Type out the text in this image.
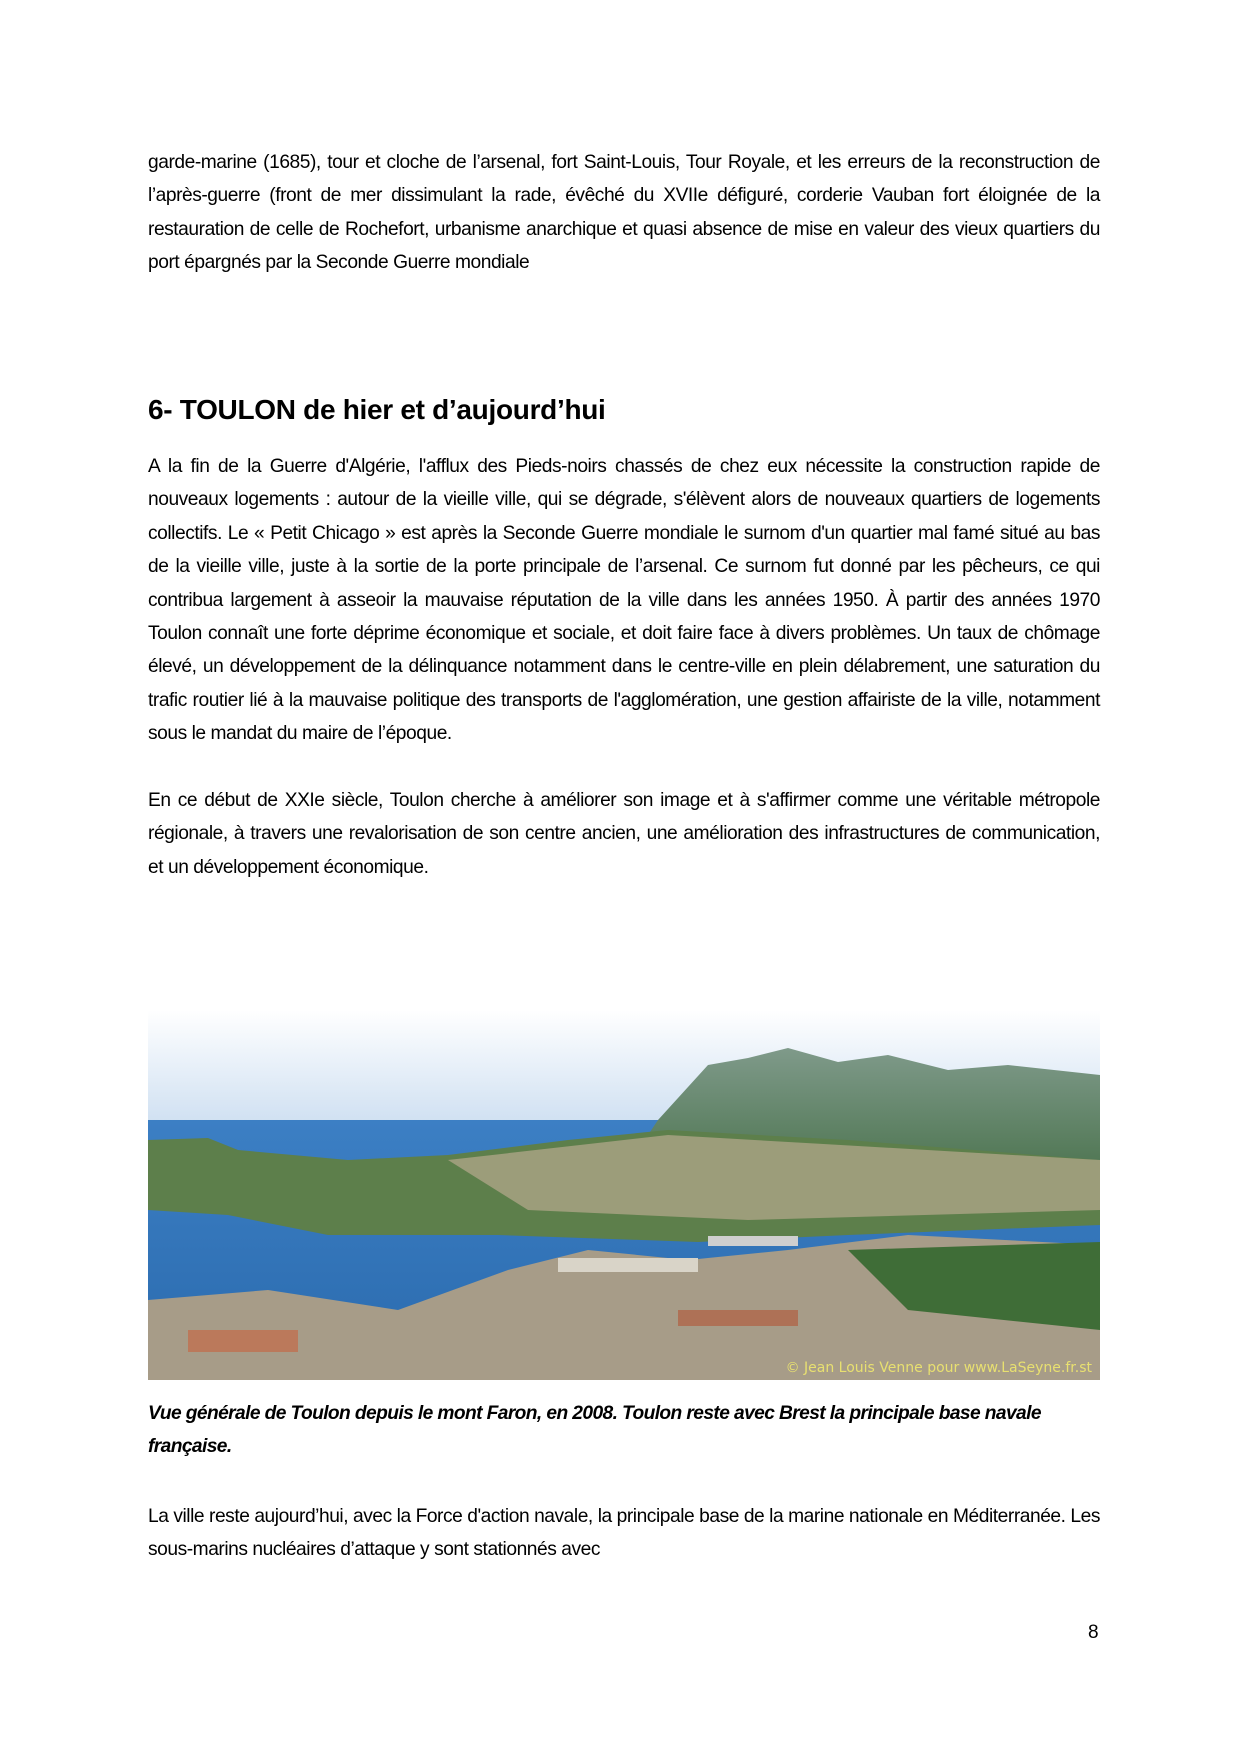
garde-marine (1685), tour et cloche de l’arsenal, fort Saint-Louis, Tour Royale, et les erreurs de la reconstruction de l’après-guerre (front de mer dissimulant la rade, évêché du XVIIe défiguré, corderie Vauban fort éloignée de la restauration de celle de Rochefort, urbanisme anarchique et quasi absence de mise en valeur des vieux quartiers du port épargnés par la Seconde Guerre mondiale

6- TOULON de hier et d’aujourd’hui

A la fin de la Guerre d'Algérie, l'afflux des Pieds-noirs chassés de chez eux nécessite la construction rapide de nouveaux logements : autour de la vieille ville, qui se dégrade, s'élèvent alors de nouveaux quartiers de logements collectifs. Le « Petit Chicago » est après la Seconde Guerre mondiale le surnom d'un quartier mal famé situé au bas de la vieille ville, juste à la sortie de la porte principale de l’arsenal. Ce surnom fut donné par les pêcheurs, ce qui contribua largement à asseoir la mauvaise réputation de la ville dans les années 1950. À partir des années 1970 Toulon connaît une forte déprime économique et sociale, et doit faire face à divers problèmes. Un taux de chômage élevé, un développement de la délinquance notamment dans le centre-ville en plein délabrement, une saturation du trafic routier lié à la mauvaise politique des transports de l'agglomération, une gestion affairiste de la ville, notamment sous le mandat du maire de l’époque.

En ce début de XXIe siècle, Toulon cherche à améliorer son image et à s'affirmer comme une véritable métropole régionale, à travers une revalorisation de son centre ancien, une amélioration des infrastructures de communication, et un développement économique.

© Jean Louis Venne pour www.LaSeyne.fr.st

Vue générale de Toulon depuis le mont Faron, en 2008. Toulon reste avec Brest la principale base navale française.

La ville reste aujourd’hui, avec la Force d'action navale, la principale base de la marine nationale en Méditerranée. Les sous-marins nucléaires d’attaque y sont stationnés avec

8
